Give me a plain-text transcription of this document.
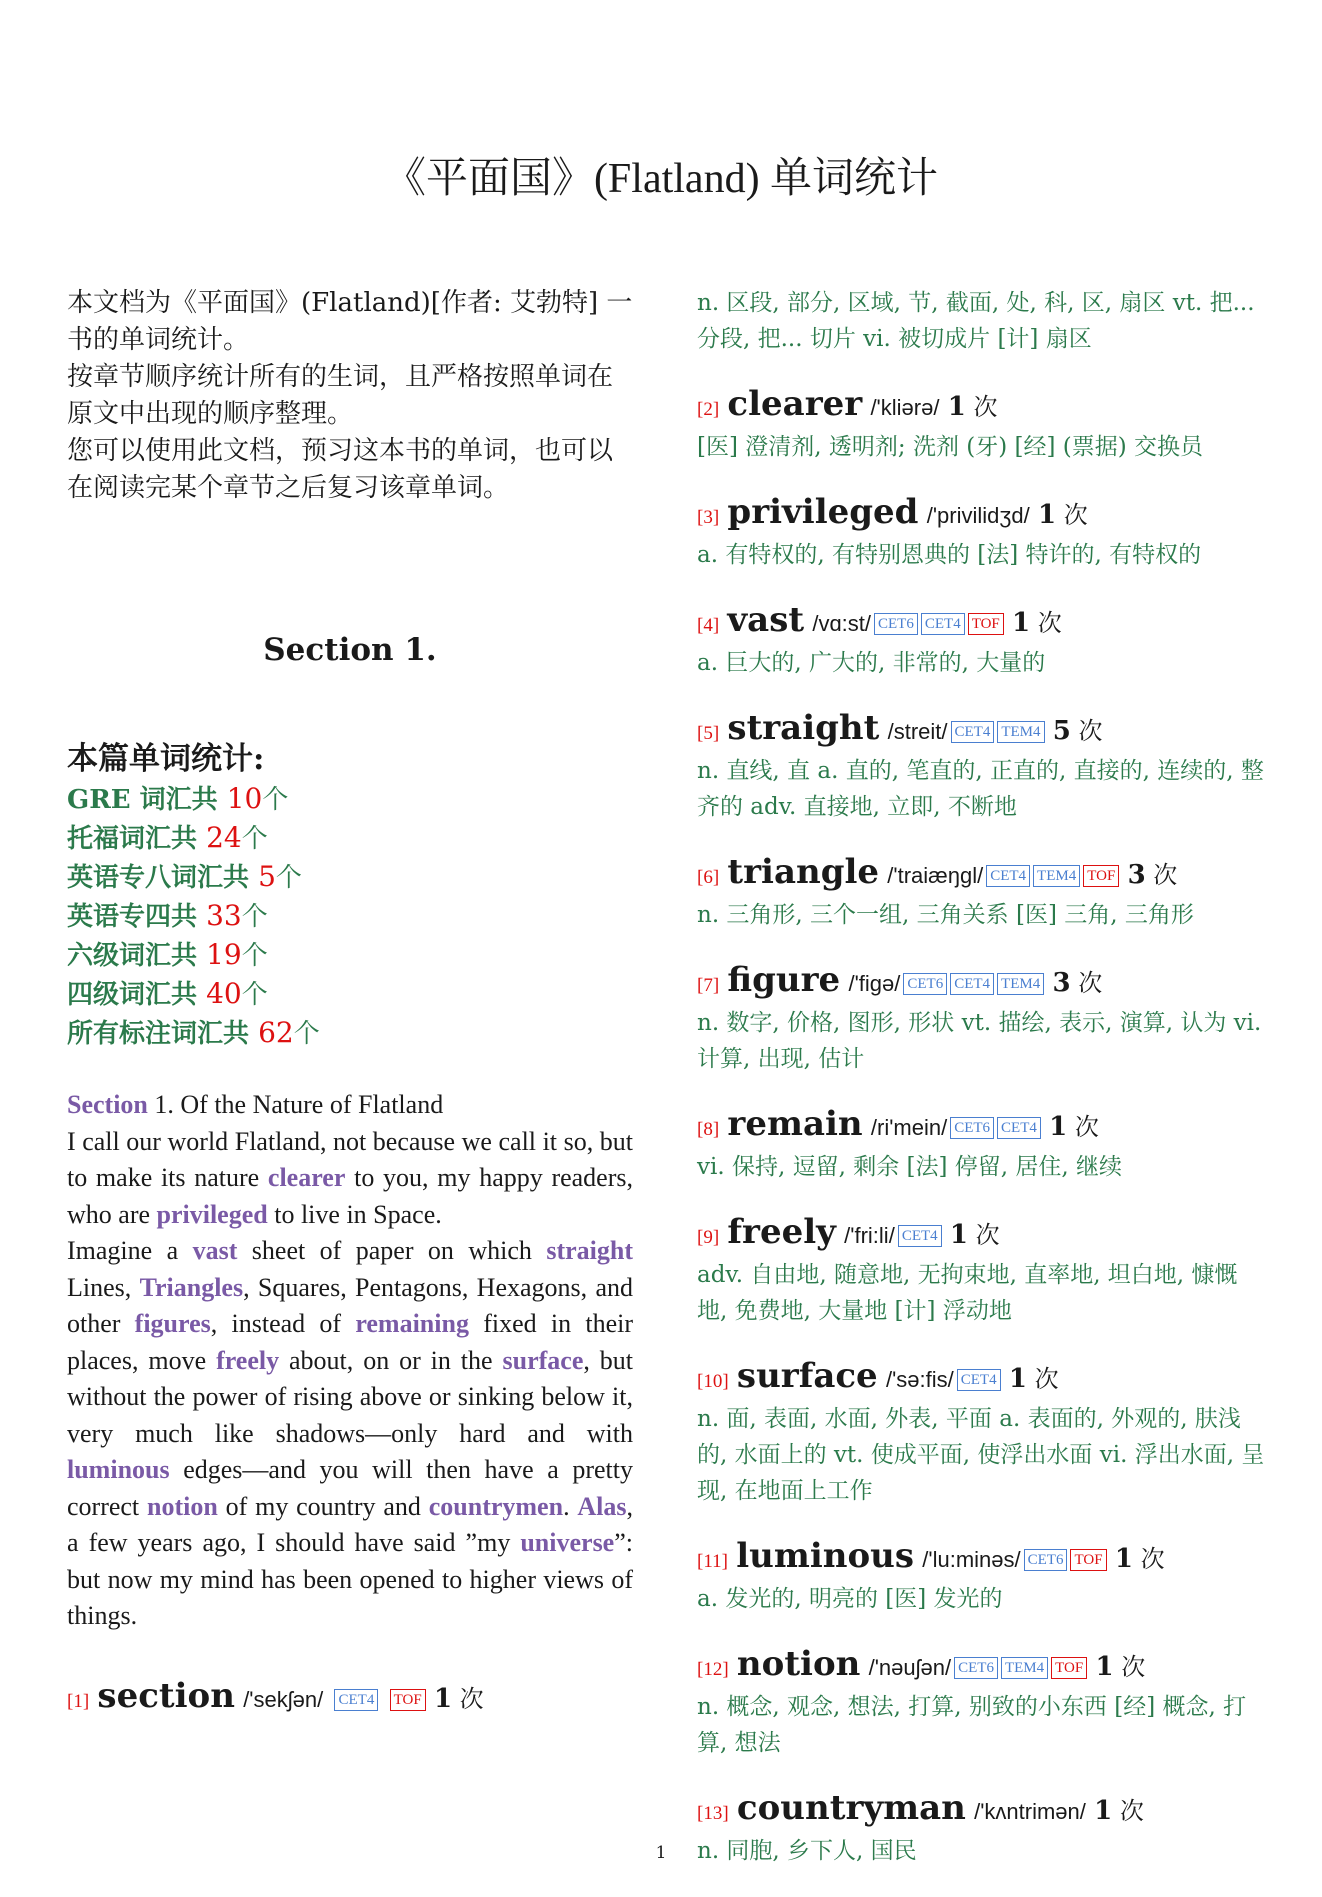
《平面国》(Flatland) 单词统计

本文档为《平面国》(Flatland)[作者: 艾勃特] 一书的单词统计。

按章节顺序统计所有的生词，且严格按照单词在原文中出现的顺序整理。

您可以使用此文档，预习这本书的单词，也可以在阅读完某个章节之后复习该章单词。

Section 1.
本篇单词统计:
GRE 词汇共 10个
托福词汇共 24个
英语专八词汇共 5个
英语专四共 33个
六级词汇共 19个
四级词汇共 40个
所有标注词汇共 62个

Section 1. Of the Nature of Flatland

I call our world Flatland, not because we call it so, but to make its nature clearer to you, my happy readers, who are privileged to live in Space.

Imagine a vast sheet of paper on which straight Lines, Triangles, Squares, Pentagons, Hexagons, and other figures, instead of remaining fixed in their places, move freely about, on or in the surface, but without the power of rising above or sinking below it, very much like shadows—only hard and with luminous edges—and you will then have a pretty correct notion of my country and countrymen. Alas, a few years ago, I should have said ”my universe”: but now my mind has been opened to higher views of things.

[1] section /'sekʃən/ CET4 TOF 1 次
n. 区段, 部分, 区域, 节, 截面, 处, 科, 区, 扇区 vt. 把... 分段, 把... 切片 vi. 被切成片 [计] 扇区
[2] clearer /'kliərə/ 1 次
[医] 澄清剂, 透明剂; 洗剂 (牙) [经] (票据) 交换员
[3] privileged /'privilidʒd/ 1 次
a. 有特权的, 有特别恩典的 [法] 特许的, 有特权的
[4] vast /vɑ:st/ CET6 CET4 TOF 1 次
a. 巨大的, 广大的, 非常的, 大量的
[5] straight /streit/ CET4 TEM4 5 次
n. 直线, 直 a. 直的, 笔直的, 正直的, 直接的, 连续的, 整齐的 adv. 直接地, 立即, 不断地
[6] triangle /'traiæŋgl/ CET4 TEM4 TOF 3 次
n. 三角形, 三个一组, 三角关系 [医] 三角, 三角形
[7] figure /'figə/ CET6 CET4 TEM4 3 次
n. 数字, 价格, 图形, 形状 vt. 描绘, 表示, 演算, 认为 vi. 计算, 出现, 估计
[8] remain /ri'mein/ CET6 CET4 1 次
vi. 保持, 逗留, 剩余 [法] 停留, 居住, 继续
[9] freely /'fri:li/ CET4 1 次
adv. 自由地, 随意地, 无拘束地, 直率地, 坦白地, 慷慨地, 免费地, 大量地 [计] 浮动地
[10] surface /'sə:fis/ CET4 1 次
n. 面, 表面, 水面, 外表, 平面 a. 表面的, 外观的, 肤浅的, 水面上的 vt. 使成平面, 使浮出水面 vi. 浮出水面, 呈现, 在地面上工作
[11] luminous /'lu:minəs/ CET6 TOF 1 次
a. 发光的, 明亮的 [医] 发光的
[12] notion /'nəuʃən/ CET6 TEM4 TOF 1 次
n. 概念, 观念, 想法, 打算, 别致的小东西 [经] 概念, 打算, 想法
[13] countryman /'kʌntrimən/ 1 次
n. 同胞, 乡下人, 国民
1
